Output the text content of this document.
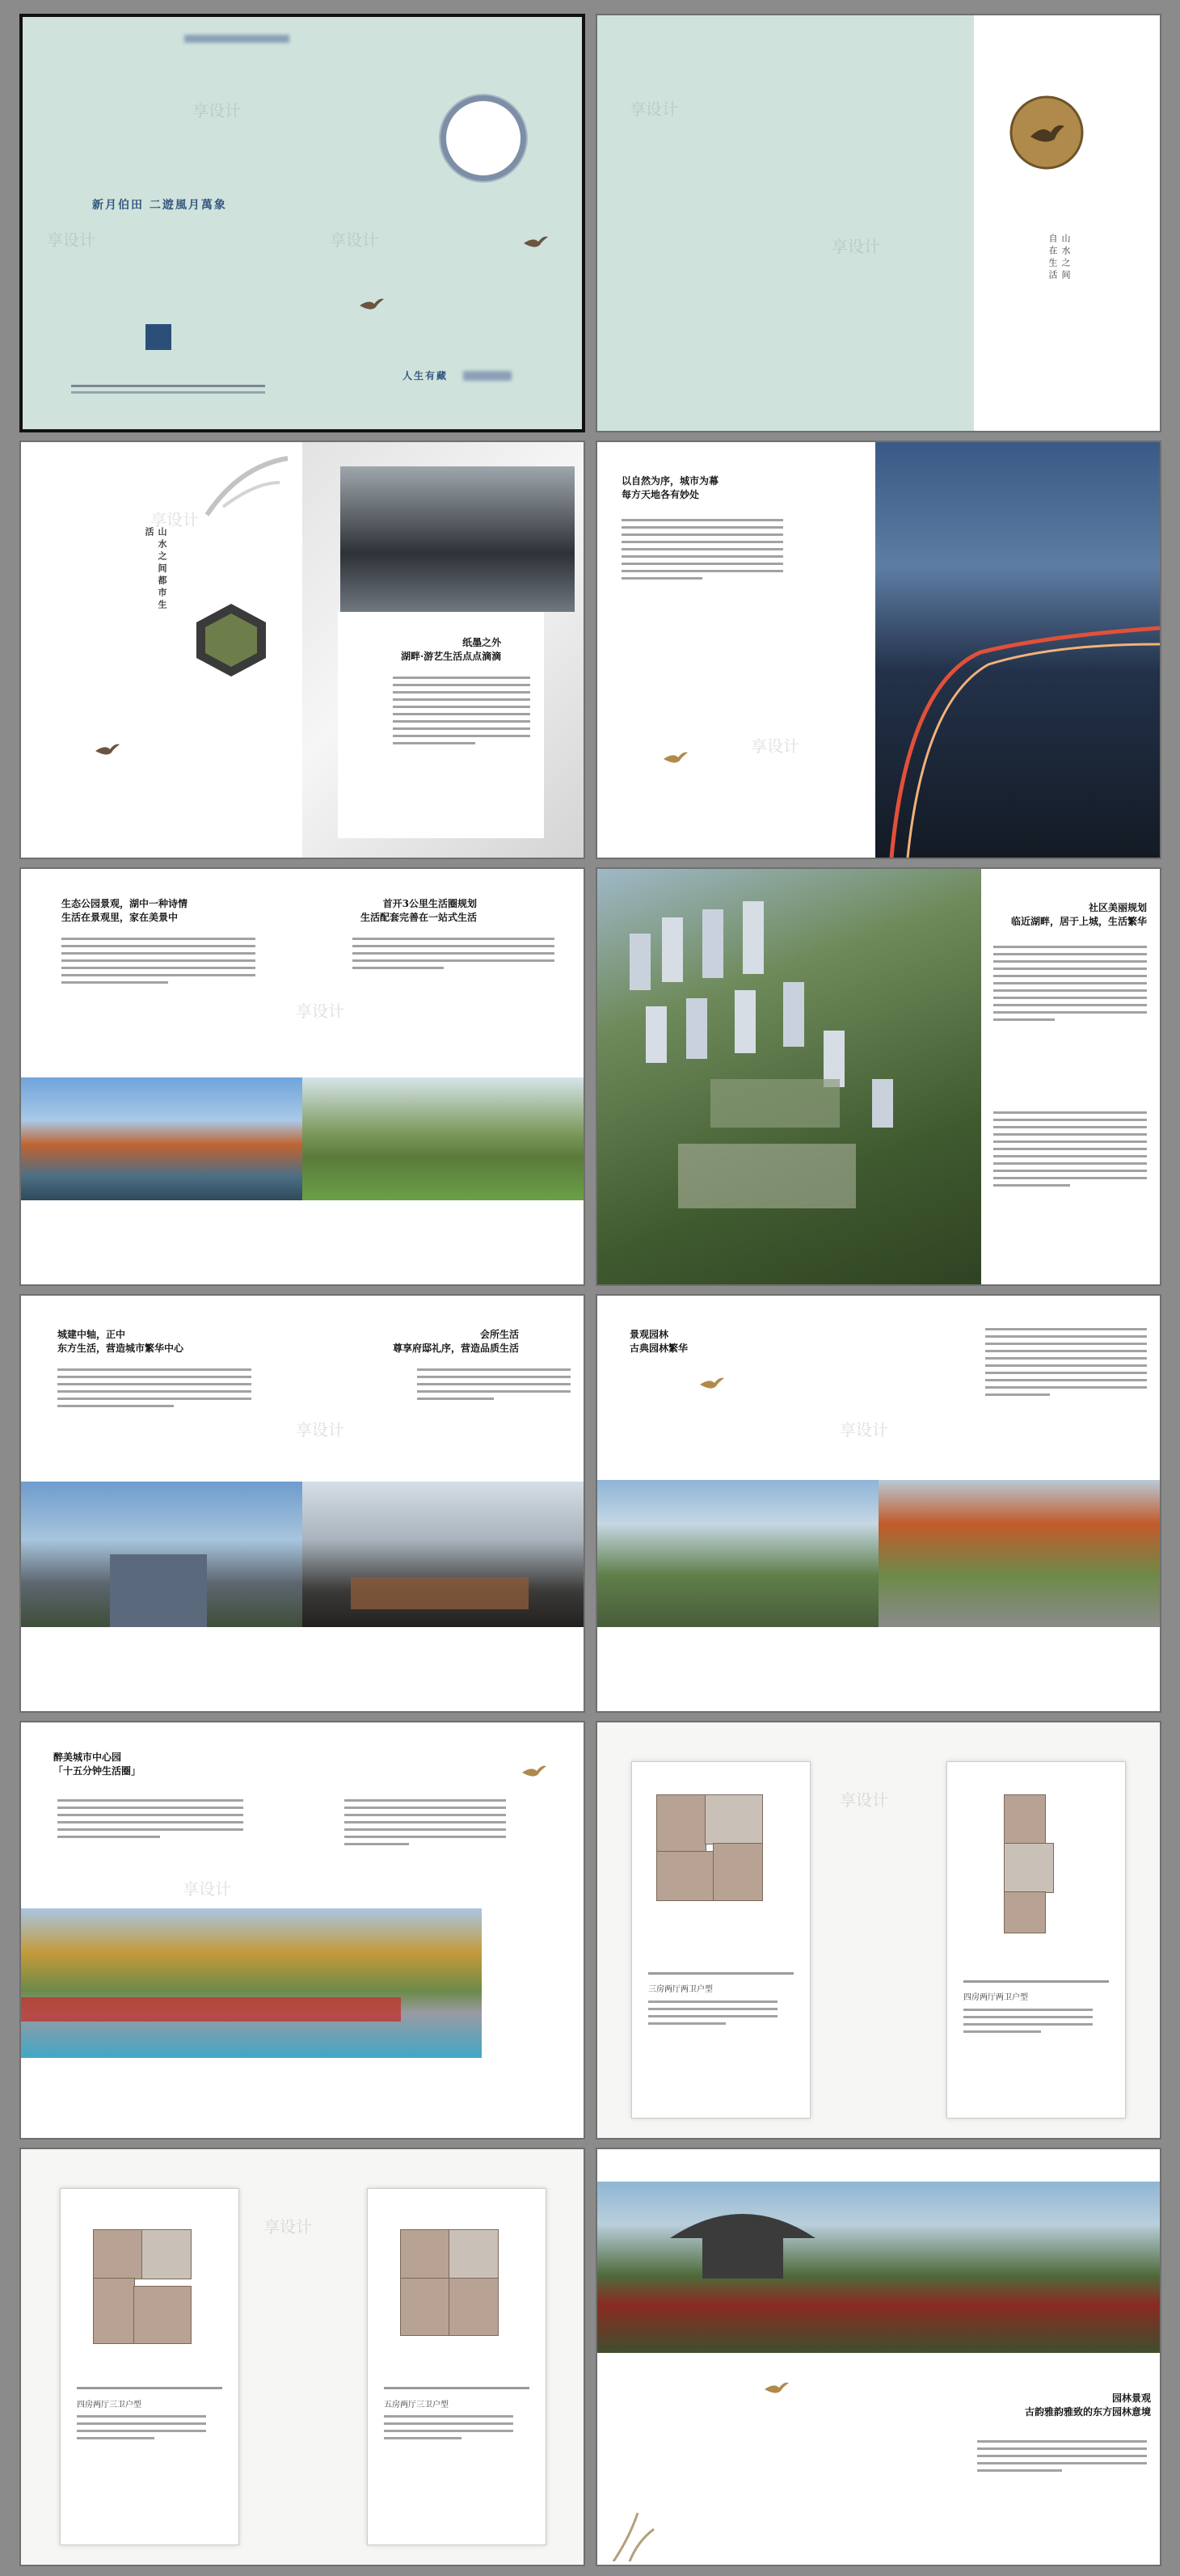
享设计
享设计	享设计
新月伯田 二遊風月萬象
人生有藏
享设计
享设计	山水之间 自在生活
享设计
山水之间都市生活
纸墨之外
湖畔·游艺生活点点滴滴
以自然为序，城市为幕
每方天地各有妙处
享设计
生态公园景观，湖中一种诗情
生活在景观里，家在美景中
首开3公里生活圈规划
生活配套完善在一站式生活
享设计
社区美丽规划
临近湖畔，居于上城，生活繁华
城建中轴，正中
东方生活，营造城市繁华中心
会所生活
尊享府邸礼序，营造品质生活
享设计
景观园林
古典园林繁华
享设计
醉美城市中心园
「十五分钟生活圈」
享设计
三房两厅两卫户型
四房两厅两卫户型
享设计
四房两厅三卫户型	五房两厅三卫户型
享设计
园林景观
古韵雅韵雅致的东方园林意境
